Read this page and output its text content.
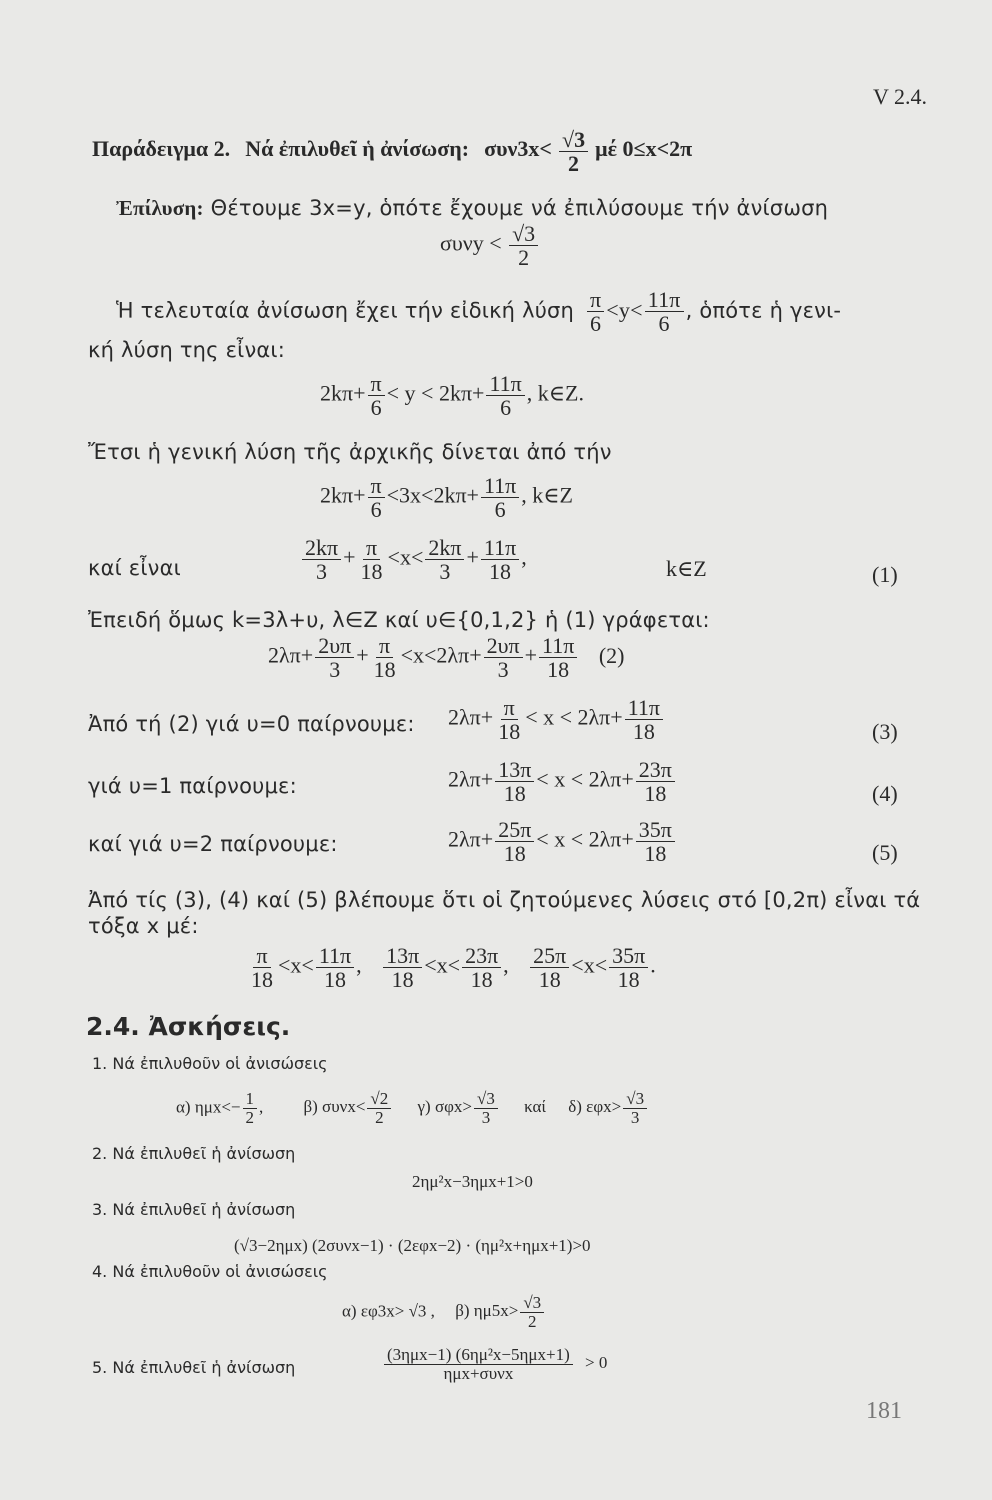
V 2.4.
Παράδειγμα 2. Νά ἐπιλυθεῖ ἡ ἀνίσωση: $\sigma\upsilon\nu 3x< \frac{√3}{2}$ μέ 0≤x<2π
Ἐπίλυση: Θέτουμε 3x=y, ὁπότε ἔχουμε νά ἐπιλύσουμε τήν ἀνίσωση
$\sigma\upsilon\nu y < \frac{√3}{2}$
Ἡ τελευταία ἀνίσωση ἔχει τήν εἰδική λύση $\frac{\pi}{6} <y< \frac{11\pi}{6}$ , ὁπότε ἡ γενι-
κή λύση της εἶναι:
$2k\pi+ \frac{\pi}{6} < y < 2k\pi+ \frac{11\pi}{6}$ , k∈Z.
Ἔτσι ἡ γενική λύση τῆς ἀρχικῆς δίνεται ἀπό τήν
$2k\pi+ \frac{\pi}{6} <3x<2k\pi+ \frac{11\pi}{6}$ , k∈Z
καί εἶναι	$\frac{2k\pi}{3} + \frac{\pi}{18} <x< \frac{2k\pi}{3} + \frac{11\pi}{18}$ ,	k∈Z	(1)
Ἐπειδή ὅμως k=3λ+υ, λ∈Z καί υ∈{0,1,2} ἡ (1) γράφεται:
$2\lambda\pi+ \frac{2\upsilon\pi}{3} + \frac{\pi}{18} <x<2\lambda\pi+ \frac{2\upsilon\pi}{3} + \frac{11\pi}{18} (2)$
Ἀπό τή (2) γιά υ=0 παίρνουμε: $2\lambda\pi+ \frac{\pi}{18} < x < 2\lambda\pi+ \frac{11\pi}{18}$	(3)
γιά υ=1 παίρνουμε:	$2\lambda\pi+ \frac{13\pi}{18} < x < 2\lambda\pi+ \frac{23\pi}{18}$	(4)
καί γιά υ=2 παίρνουμε:	$2\lambda\pi+ \frac{25\pi}{18} < x < 2\lambda\pi+ \frac{35\pi}{18}$	(5)
Ἀπό τίς (3), (4) καί (5) βλέπουμε ὅτι οἱ ζητούμενες λύσεις στό [0,2π) εἶναι τά
τόξα x μέ:
$\frac{\pi}{18} <x< \frac{11\pi}{18}$ , $\frac{13\pi}{18} <x< \frac{23\pi}{18}$ , $\frac{25\pi}{18} <x< \frac{35\pi}{18}$ .
2.4. Ἀσκήσεις.
1. Νά ἐπιλυθοῦν οἱ ἀνισώσεις
α) $\eta\mu x<- \frac{1}{2}$ , β) $\sigma\upsilon\nu x< \frac{√2}{2} \gamma$) $\sigma\varphi x> \frac{√3}{3}$ καί δ) $\varepsilon\varphi x> \frac{√3}{3}$
2. Νά ἐπιλυθεῖ ἡ ἀνίσωση
2ημ²x−3ημx+1>0
3. Νά ἐπιλυθεῖ ἡ ἀνίσωση
(√3−2ημx) (2συνx−1) · (2εφx−2) · (ημ²x+ημx+1)>0
4. Νά ἐπιλυθοῦν οἱ ἀνισώσεις
α) εφ3x> √3 , β) $\eta\mu 5x> \frac{√3}{2}$
5. Νά ἐπιλυθεῖ ἡ ἀνίσωση	$\frac{\text{(3ημx−1) (6ημ²x−5ημx+1)}}{\text{ημx+συνx}} > 0$
181
